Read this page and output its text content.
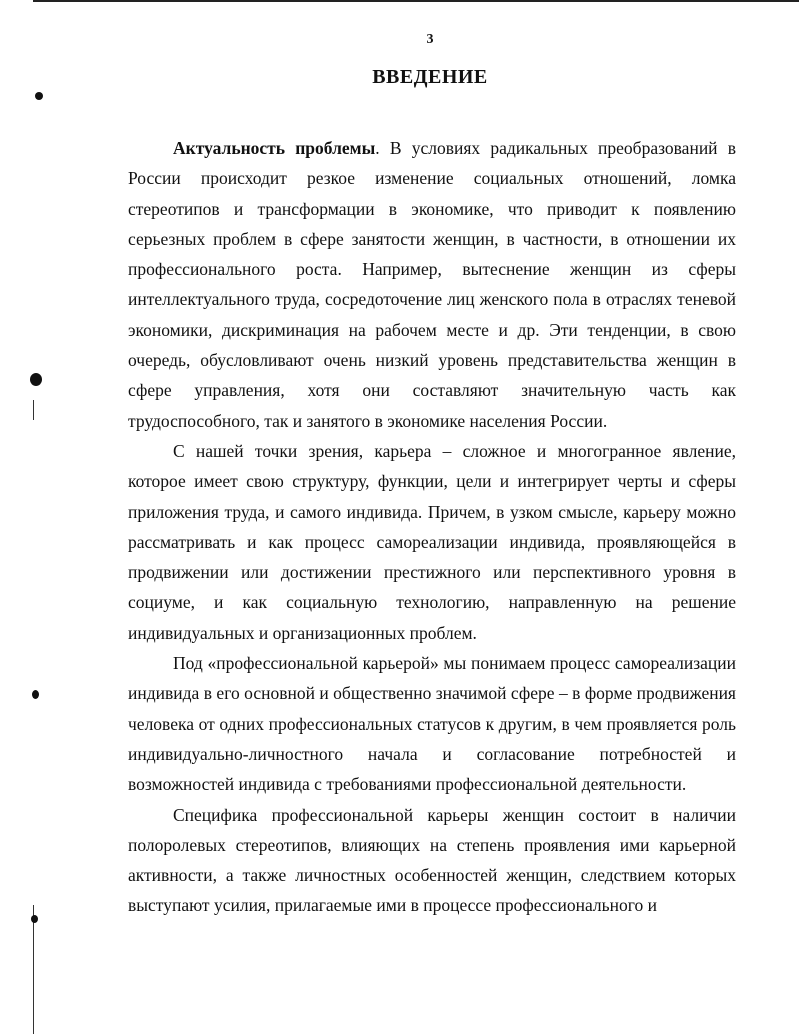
3
ВВЕДЕНИЕ

Актуальность проблемы. В условиях радикальных преобразований в России происходит резкое изменение социальных отношений, ломка стереотипов и трансформации в экономике, что приводит к появлению серьезных проблем в сфере занятости женщин, в частности, в отношении их профессионального роста. Например, вытеснение женщин из сферы интеллектуального труда, сосредоточение лиц женского пола в отраслях теневой экономики, дискриминация на рабочем месте и др. Эти тенденции, в свою очередь, обусловливают очень низкий уровень представительства женщин в сфере управления, хотя они составляют значительную часть как трудоспособного, так и занятого в экономике населения России.

С нашей точки зрения, карьера – сложное и многогранное явление, которое имеет свою структуру, функции, цели и интегрирует черты и сферы приложения труда, и самого индивида. Причем, в узком смысле, карьеру можно рассматривать и как процесс самореализации индивида, проявляющейся в продвижении или достижении престижного или перспективного уровня в социуме, и как социальную технологию, направленную на решение индивидуальных и организационных проблем.

Под «профессиональной карьерой» мы понимаем процесс самореализации индивида в его основной и общественно значимой сфере – в форме продвижения человека от одних профессиональных статусов к другим, в чем проявляется роль индивидуально-личностного начала и согласование потребностей и возможностей индивида с требованиями профессиональной деятельности.

Специфика профессиональной карьеры женщин состоит в наличии полоролевых стереотипов, влияющих на степень проявления ими карьерной активности, а также личностных особенностей женщин, следствием которых выступают усилия, прилагаемые ими в процессе профессионального и
